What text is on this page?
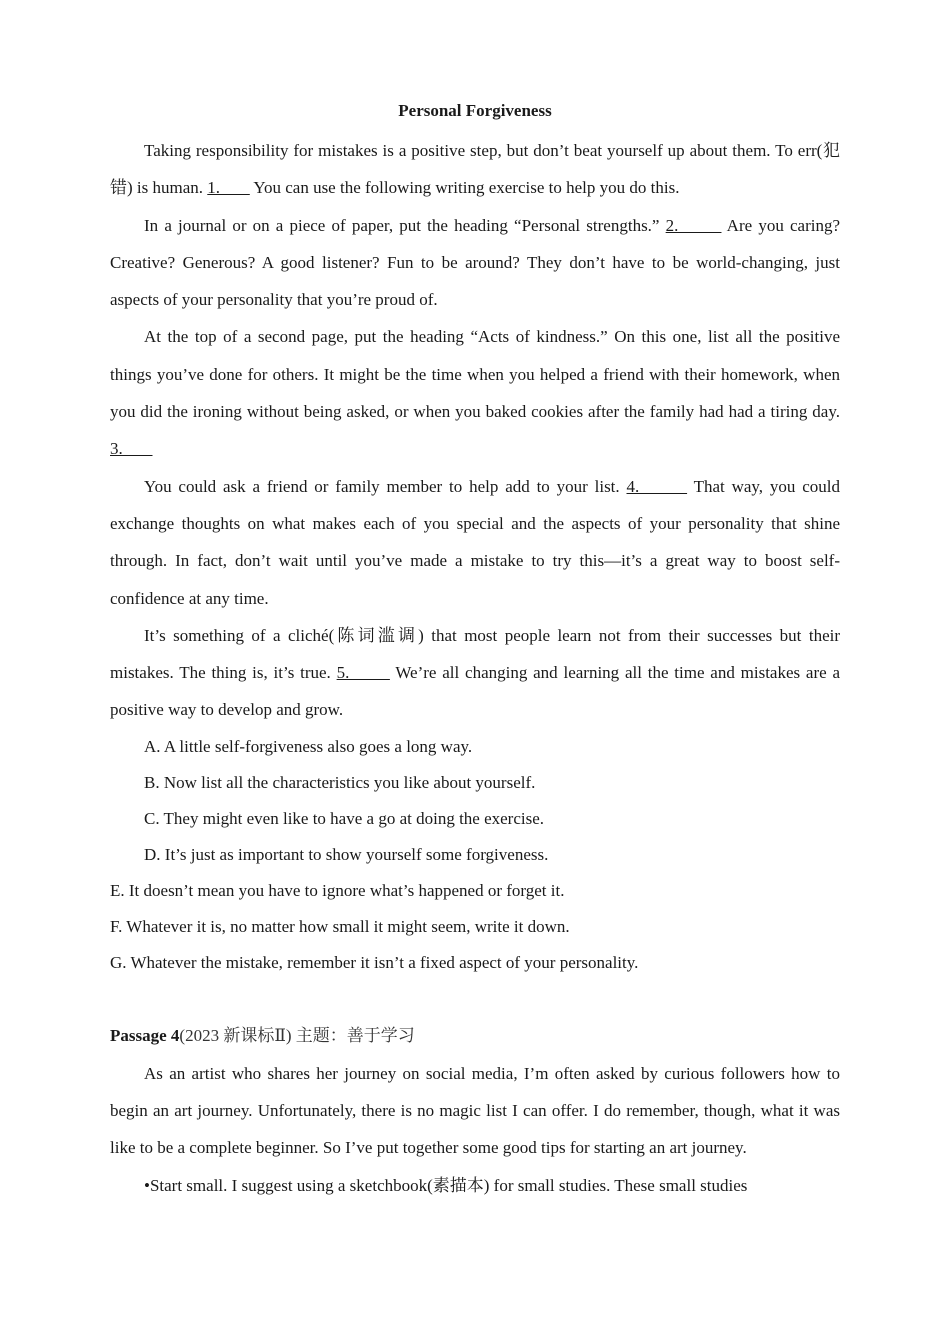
Personal Forgiveness

Taking responsibility for mistakes is a positive step, but don’t beat yourself up about them. To err(犯错) is human. 1.        You can use the following writing exercise to help you do this.

In a journal or on a piece of paper, put the heading “Personal strengths.” 2.        Are you caring? Creative? Generous? A good listener? Fun to be around? They don’t have to be world-changing, just aspects of your personality that you’re proud of.

At the top of a second page, put the heading “Acts of kindness.” On this one, list all the positive things you’ve done for others. It might be the time when you helped a friend with their homework, when you did the ironing without being asked, or when you baked cookies after the family had had a tiring day. 3.

You could ask a friend or family member to help add to your list. 4.        That way, you could exchange thoughts on what makes each of you special and the aspects of your personality that shine through. In fact, don’t wait until you’ve made a mistake to try this—it’s a great way to boost self-confidence at any time.

It’s something of a cliché(陈词滥调) that most people learn not from their successes but their mistakes. The thing is, it’s true. 5.        We’re all changing and learning all the time and mistakes are a positive way to develop and grow.

A. A little self-forgiveness also goes a long way.

B. Now list all the characteristics you like about yourself.

C. They might even like to have a go at doing the exercise.

D. It’s just as important to show yourself some forgiveness.

E. It doesn’t mean you have to ignore what’s happened or forget it.

F. Whatever it is, no matter how small it might seem, write it down.

G. Whatever the mistake, remember it isn’t a fixed aspect of your personality.

Passage 4(2023 新课标Ⅱ) 主题：善于学习

As an artist who shares her journey on social media, I’m often asked by curious followers how to begin an art journey. Unfortunately, there is no magic list I can offer. I do remember, though, what it was like to be a complete beginner. So I’ve put together some good tips for starting an art journey.

•Start small. I suggest using a sketchbook(素描本) for small studies. These small studies
